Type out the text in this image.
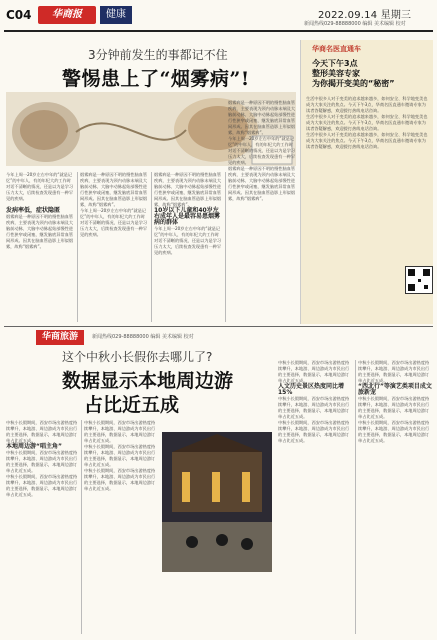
C04	华商报	健康	2022.09.14 星期三
新闻热线029-88888000 编辑 美术编辑 校对
3分钟前发生的事都记不住
警惕患上了“烟雾病”!
今年上周一20岁左右中年的“就是记忆”的中年人，有的年纪大约工作时对话不清晰的情况，还是以为是学习压力太大，后续检查发现患有一种罕见的疾病。

发病率低，症状隐匿
烟雾病是一种原因不明的慢性脑血管疾病，主要表现为颈内动脉末端及大脑前动脉、大脑中动脉起始部慢性进行性狭窄或闭塞，继发脑底异常血管网形成。因其在脑血管造影上形似烟雾，故称“烟雾病”。
烟雾病是一种原因不明的慢性脑血管疾病，主要表现为颈内动脉末端及大脑前动脉、大脑中动脉起始部慢性进行性狭窄或闭塞，继发脑底异常血管网形成。因其在脑血管造影上形似烟雾，故称“烟雾病”。
今年上周一20岁左右中年的“就是记忆”的中年人，有的年纪大约工作时对话不清晰的情况，还是以为是学习压力太大，后续检查发现患有一种罕见的疾病。
烟雾病是一种原因不明的慢性脑血管疾病，主要表现为颈内动脉末端及大脑前动脉、大脑中动脉起始部慢性进行性狭窄或闭塞，继发脑底异常血管网形成。因其在脑血管造影上形似烟雾，故称“烟雾病”。
10岁以下儿童和40岁左右成年人是最容易患烟雾病的群体
今年上周一20岁左右中年的“就是记忆”的中年人，有的年纪大约工作时对话不清晰的情况，还是以为是学习压力太大，后续检查发现患有一种罕见的疾病。
烟雾病是一种原因不明的慢性脑血管疾病，主要表现为颈内动脉末端及大脑前动脉、大脑中动脉起始部慢性进行性狭窄或闭塞，继发脑底异常血管网形成。因其在脑血管造影上形似烟雾，故称“烟雾病”。
今年上周一20岁左右中年的“就是记忆”的中年人，有的年纪大约工作时对话不清晰的情况，还是以为是学习压力太大，后续检查发现患有一种罕见的疾病。
烟雾病是一种原因不明的慢性脑血管疾病，主要表现为颈内动脉末端及大脑前动脉、大脑中动脉起始部慢性进行性狭窄或闭塞，继发脑底异常血管网形成。因其在脑血管造影上形似烟雾，故称“烟雾病”。
华商名医直通车
今天下午3点
整形美容专家
为你揭开变美的“秘密”
生活中很多人对于变美的追求越来越多，如何安全、科学地变美也成为大家关注的焦点。今天下午3点，华商名医直通车邀请专家为读者答疑解惑，欢迎拨打热线电话咨询。
生活中很多人对于变美的追求越来越多，如何安全、科学地变美也成为大家关注的焦点。今天下午3点，华商名医直通车邀请专家为读者答疑解惑，欢迎拨打热线电话咨询。
生活中很多人对于变美的追求越来越多，如何安全、科学地变美也成为大家关注的焦点。今天下午3点，华商名医直通车邀请专家为读者答疑解惑，欢迎拨打热线电话咨询。
华商旅游	新闻热线029-88888000 编辑 美术编辑 校对
这个中秋小长假你去哪儿了?
数据显示本地周边游
占比近五成
中秋小长假期间，西安市场出游热度持续攀升，本地游、周边游成为市民出行的主要选择，数据显示，本地周边游订单占比近五成。
本地周边游“唱主角”
中秋小长假期间，西安市场出游热度持续攀升，本地游、周边游成为市民出行的主要选择，数据显示，本地周边游订单占比近五成。
中秋小长假期间，西安市场出游热度持续攀升，本地游、周边游成为市民出行的主要选择，数据显示，本地周边游订单占比近五成。
中秋小长假期间，西安市场出游热度持续攀升，本地游、周边游成为市民出行的主要选择，数据显示，本地周边游订单占比近五成。
中秋小长假期间，西安市场出游热度持续攀升，本地游、周边游成为市民出行的主要选择，数据显示，本地周边游订单占比近五成。
中秋小长假期间，西安市场出游热度持续攀升，本地游、周边游成为市民出行的主要选择，数据显示，本地周边游订单占比近五成。
中秋小长假期间，西安市场出游热度持续攀升，本地游、周边游成为市民出行的主要选择，数据显示，本地周边游订单占比近五成。
人文历史景区热度同比增15%
中秋小长假期间，西安市场出游热度持续攀升，本地游、周边游成为市民出行的主要选择，数据显示，本地周边游订单占比近五成。
中秋小长假期间，西安市场出游热度持续攀升，本地游、周边游成为市民出行的主要选择，数据显示，本地周边游订单占比近五成。
中秋小长假期间，西安市场出游热度持续攀升，本地游、周边游成为市民出行的主要选择，数据显示，本地周边游订单占比近五成。
“西北行”等演艺类项目成文旅新宠
中秋小长假期间，西安市场出游热度持续攀升，本地游、周边游成为市民出行的主要选择，数据显示，本地周边游订单占比近五成。
中秋小长假期间，西安市场出游热度持续攀升，本地游、周边游成为市民出行的主要选择，数据显示，本地周边游订单占比近五成。
